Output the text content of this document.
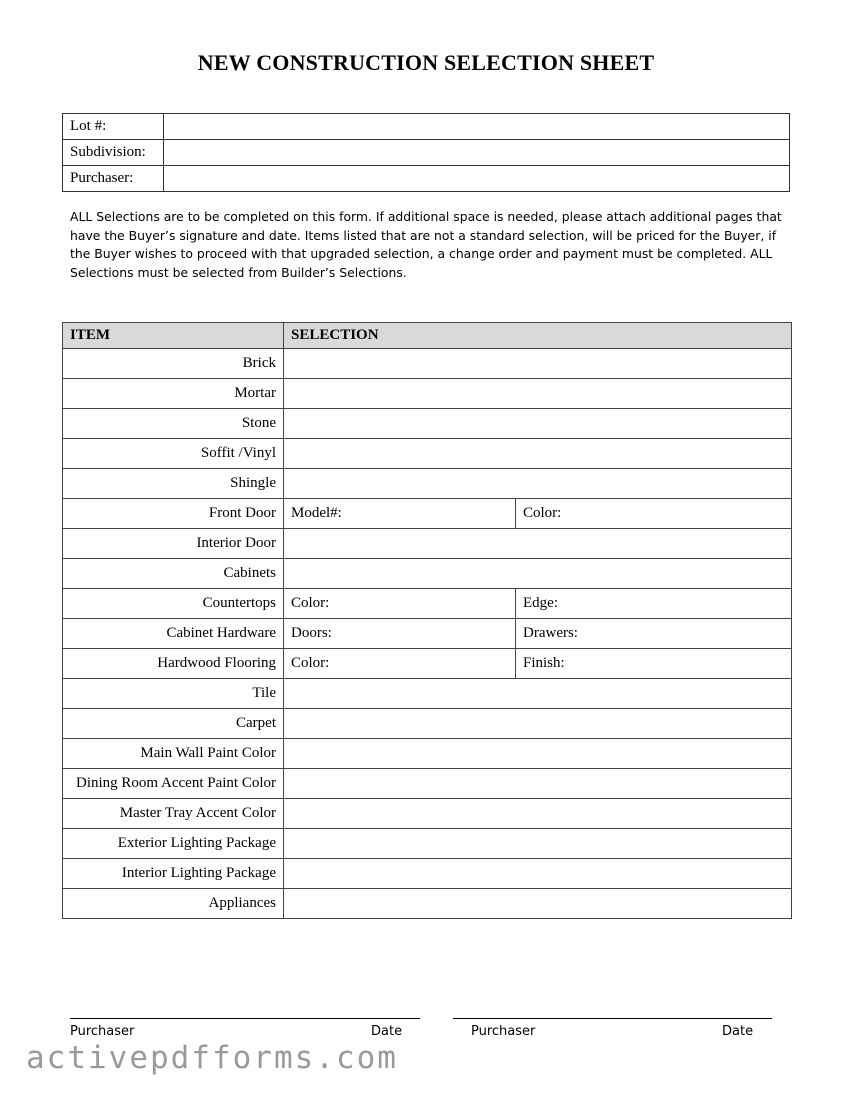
NEW CONSTRUCTION SELECTION SHEET
Lot #:	
Subdivision:	
Purchaser:	
ALL Selections are to be completed on this form. If additional space is needed, please attach additional pages that have the Buyer’s signature and date. Items listed that are not a standard selection, will be priced for the Buyer, if the Buyer wishes to proceed with that upgraded selection, a change order and payment must be completed. ALL Selections must be selected from Builder’s Selections.
ITEM	SELECTION	
Brick		
Mortar		
Stone		
Soffit /Vinyl		
Shingle		
Front Door	Model#:	Color:
Interior Door		
Cabinets		
Countertops	Color:	Edge:
Cabinet Hardware	Doors:	Drawers:
Hardwood Flooring	Color:	Finish:
Tile		
Carpet		
Main Wall Paint Color		
Dining Room Accent Paint Color		
Master Tray Accent Color		
Exterior Lighting Package		
Interior Lighting Package		
Appliances		
Purchaser	Date	Purchaser	Date
activepdfforms.com
